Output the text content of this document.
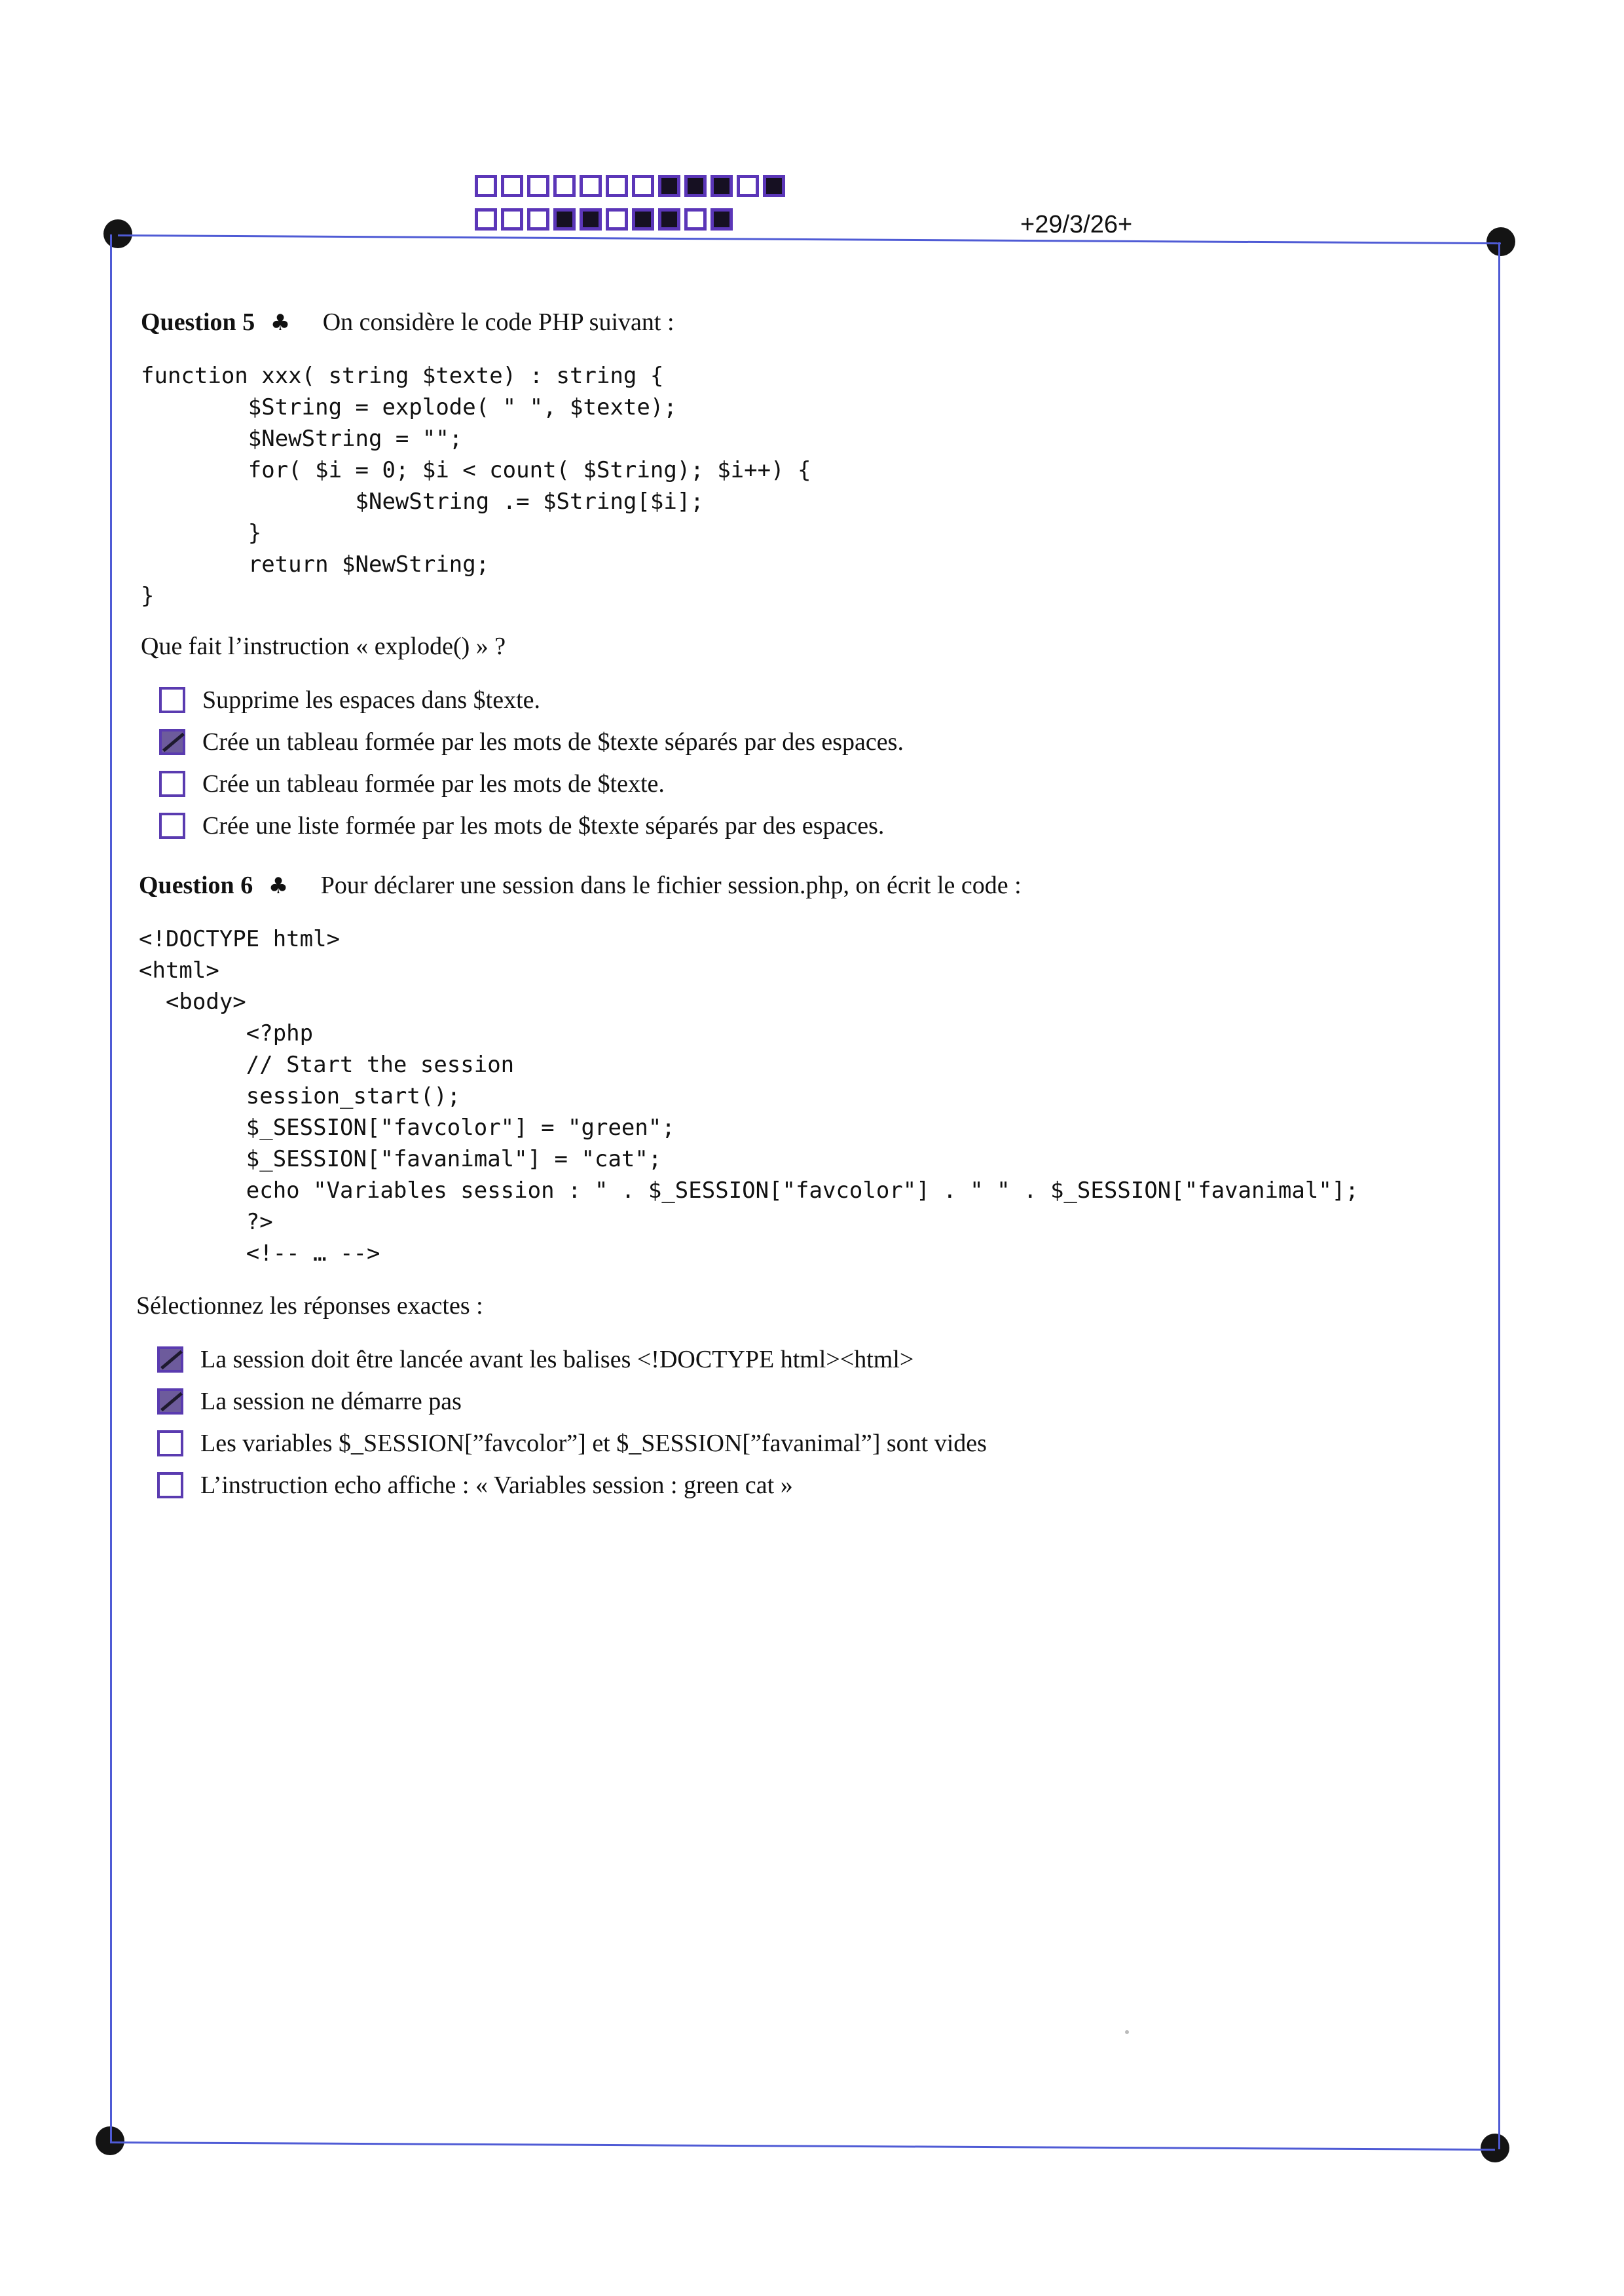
+29/3/26+
Question 5 ♣ On considère le code PHP suivant :
function xxx( string $texte) : string {
$String = explode( " ", $texte);
$NewString = "";
for( $i = 0; $i < count( $String); $i++) {
$NewString .= $String[$i];
}
return $NewString;
}
Que fait l’instruction « explode() » ?
Supprime les espaces dans $texte.
Crée un tableau formée par les mots de $texte séparés par des espaces.
Crée un tableau formée par les mots de $texte.
Crée une liste formée par les mots de $texte séparés par des espaces.
Question 6 ♣ Pour déclarer une session dans le fichier session.php, on écrit le code :
<!DOCTYPE html>
<html>
<body>
<?php
// Start the session
session_start();
$_SESSION["favcolor"] = "green";
$_SESSION["favanimal"] = "cat";
echo "Variables session : " . $_SESSION["favcolor"] . " " . $_SESSION["favanimal"];
?>
<!-- … -->
Sélectionnez les réponses exactes :
La session doit être lancée avant les balises <!DOCTYPE html><html>
La session ne démarre pas
Les variables $_SESSION[”favcolor”] et $_SESSION[”favanimal”] sont vides
L’instruction echo affiche : « Variables session : green cat »
